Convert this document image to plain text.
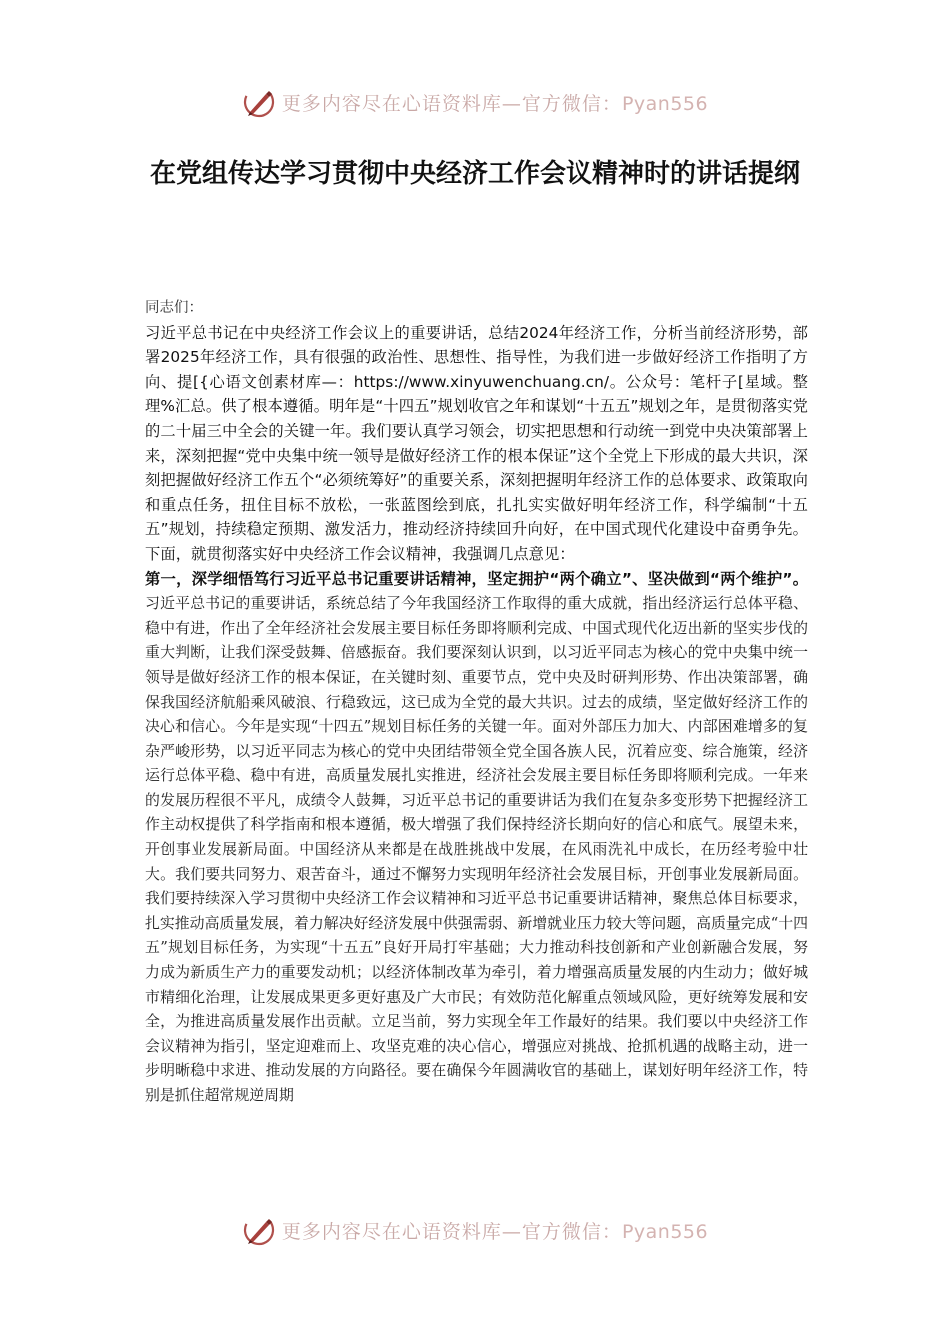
更多内容尽在心语资料库—官方微信：Pyan556
在党组传达学习贯彻中央经济工作会议精神时的讲话提纲

同志们：

习近平总书记在中央经济工作会议上的重要讲话，总结2024年经济工作，分析当前经济形势，部署2025年经济工作，具有很强的政治性、思想性、指导性，为我们进一步做好经济工作指明了方向、提[{心语文创素材库—：https://www.xinyuwenchuang.cn/。公众号：笔杆子[星域。整理%汇总。供了根本遵循。明年是“十四五”规划收官之年和谋划“十五五”规划之年，是贯彻落实党的二十届三中全会的关键一年。我们要认真学习领会，切实把思想和行动统一到党中央决策部署上来，深刻把握“党中央集中统一领导是做好经济工作的根本保证”这个全党上下形成的最大共识，深刻把握做好经济工作五个“必须统筹好”的重要关系，深刻把握明年经济工作的总体要求、政策取向和重点任务，扭住目标不放松，一张蓝图绘到底，扎扎实实做好明年经济工作，科学编制“十五五”规划，持续稳定预期、激发活力，推动经济持续回升向好，在中国式现代化建设中奋勇争先。下面，就贯彻落实好中央经济工作会议精神，我强调几点意见：

第一，深学细悟笃行习近平总书记重要讲话精神，坚定拥护“两个确立”、坚决做到“两个维护”。习近平总书记的重要讲话，系统总结了今年我国经济工作取得的重大成就，指出经济运行总体平稳、稳中有进，作出了全年经济社会发展主要目标任务即将顺利完成、中国式现代化迈出新的坚实步伐的重大判断，让我们深受鼓舞、倍感振奋。我们要深刻认识到，以习近平同志为核心的党中央集中统一领导是做好经济工作的根本保证，在关键时刻、重要节点，党中央及时研判形势、作出决策部署，确保我国经济航船乘风破浪、行稳致远，这已成为全党的最大共识。过去的成绩，坚定做好经济工作的决心和信心。今年是实现“十四五”规划目标任务的关键一年。面对外部压力加大、内部困难增多的复杂严峻形势，以习近平同志为核心的党中央团结带领全党全国各族人民，沉着应变、综合施策，经济运行总体平稳、稳中有进，高质量发展扎实推进，经济社会发展主要目标任务即将顺利完成。一年来的发展历程很不平凡，成绩令人鼓舞，习近平总书记的重要讲话为我们在复杂多变形势下把握经济工作主动权提供了科学指南和根本遵循，极大增强了我们保持经济长期向好的信心和底气。展望未来，开创事业发展新局面。中国经济从来都是在战胜挑战中发展，在风雨洗礼中成长，在历经考验中壮大。我们要共同努力、艰苦奋斗，通过不懈努力实现明年经济社会发展目标，开创事业发展新局面。我们要持续深入学习贯彻中央经济工作会议精神和习近平总书记重要讲话精神，聚焦总体目标要求，扎实推动高质量发展，着力解决好经济发展中供强需弱、新增就业压力较大等问题，高质量完成“十四五”规划目标任务，为实现“十五五”良好开局打牢基础；大力推动科技创新和产业创新融合发展，努力成为新质生产力的重要发动机；以经济体制改革为牵引，着力增强高质量发展的内生动力；做好城市精细化治理，让发展成果更多更好惠及广大市民；有效防范化解重点领域风险，更好统筹发展和安全，为推进高质量发展作出贡献。立足当前，努力实现全年工作最好的结果。我们要以中央经济工作会议精神为指引，坚定迎难而上、攻坚克难的决心信心，增强应对挑战、抢抓机遇的战略主动，进一步明晰稳中求进、推动发展的方向路径。要在确保今年圆满收官的基础上，谋划好明年经济工作，特别是抓住超常规逆周期

更多内容尽在心语资料库—官方微信：Pyan556
